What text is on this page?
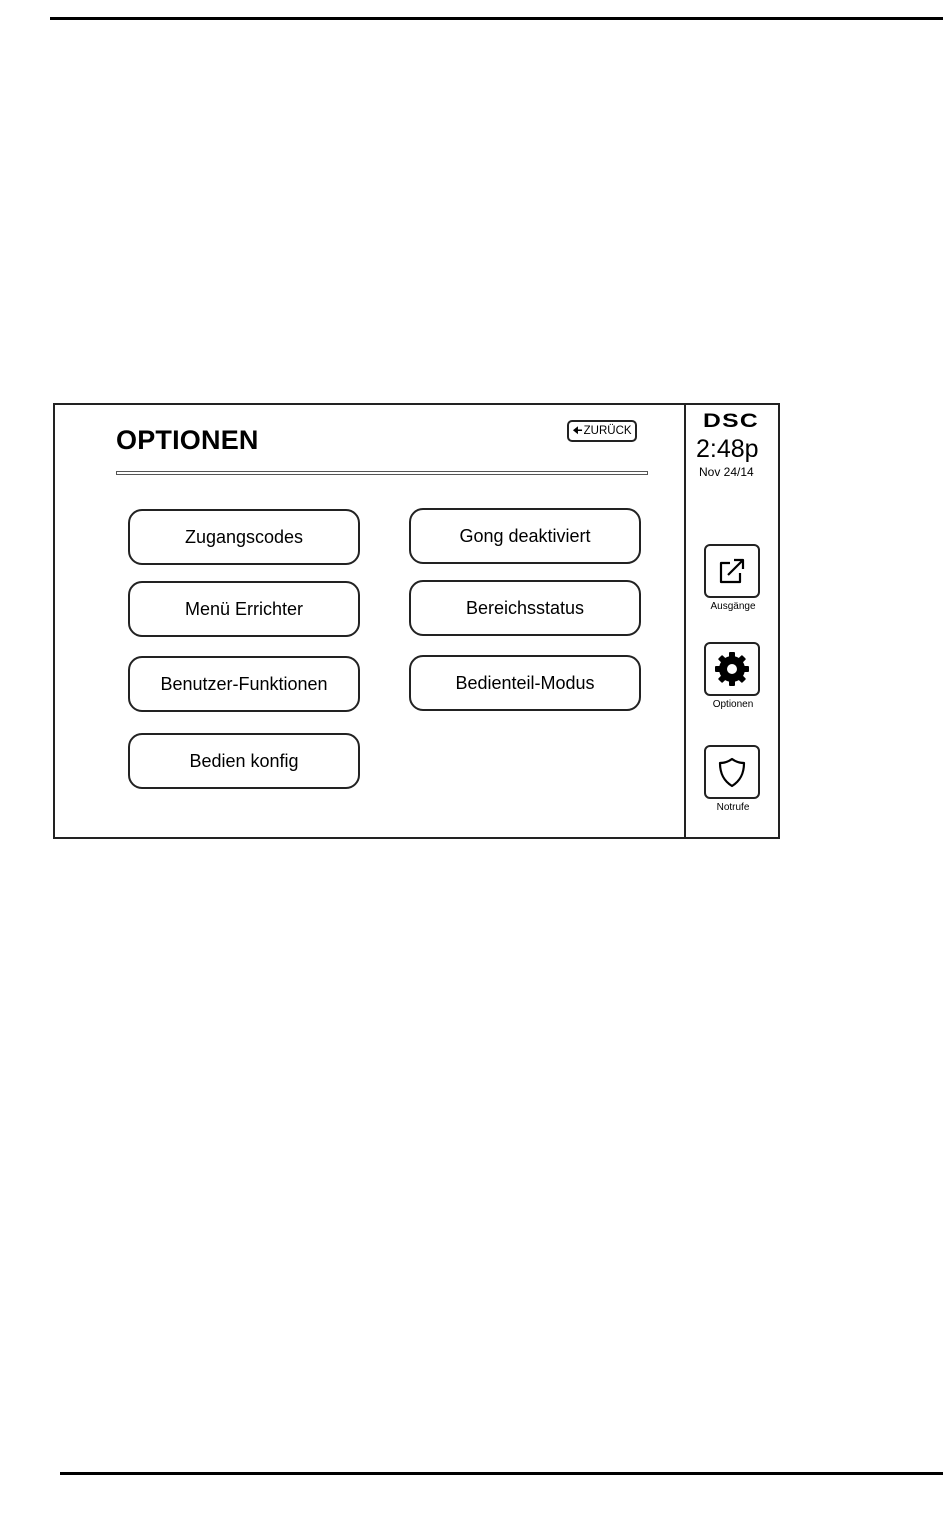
OPTIONEN	🠈 ZURÜCK
Zugangscodes
Menü Errichter
Benutzer-Funktionen
Bedien konfig
Gong deaktiviert
Bereichsstatus
Bedienteil-Modus
DSC
2:48p
Nov 24/14
Ausgänge
Optionen
Notrufe
